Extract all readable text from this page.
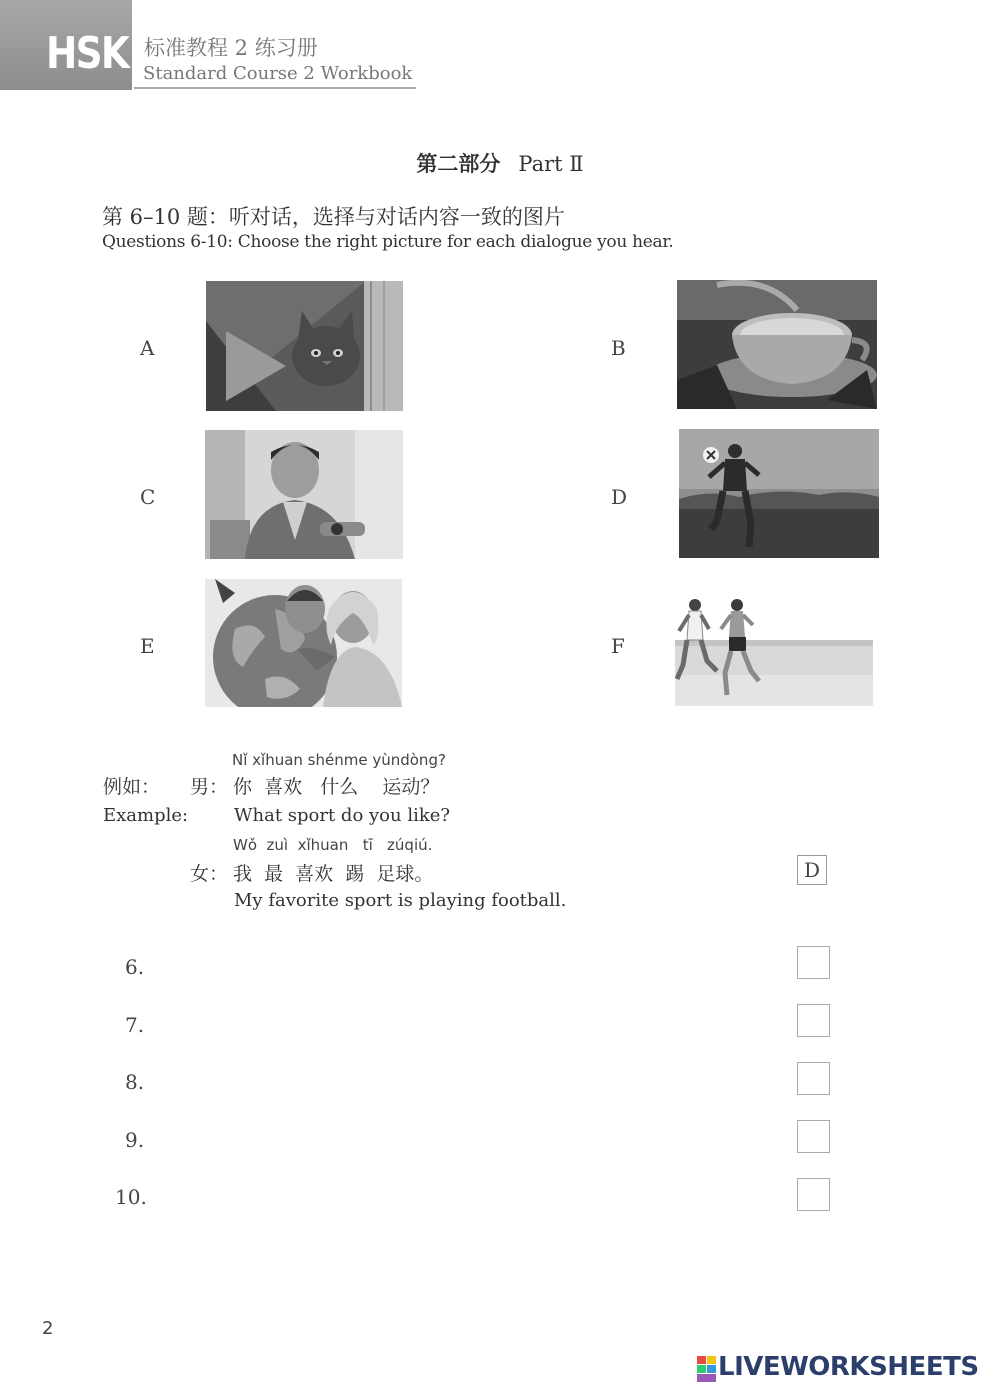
HSK 标准教程 2 练习册
Standard Course 2 Workbook
第二部分 Part Ⅱ
第 6–10 题：听对话，选择与对话内容一致的图片
Questions 6-10: Choose the right picture for each dialogue you hear.
A	B
C	D
E	F
Nǐ xǐhuan shénme yùndòng?
例如： 男： 你  喜欢   什么    运动？
Example:	What sport do you like?
Wǒ  zuì  xǐhuan   tī   zúqiú.
女： 我  最  喜欢  踢  足球。
My favorite sport is playing football.
D
6.
7.
8.
9.
10.
2
LIVEWORKSHEETS
